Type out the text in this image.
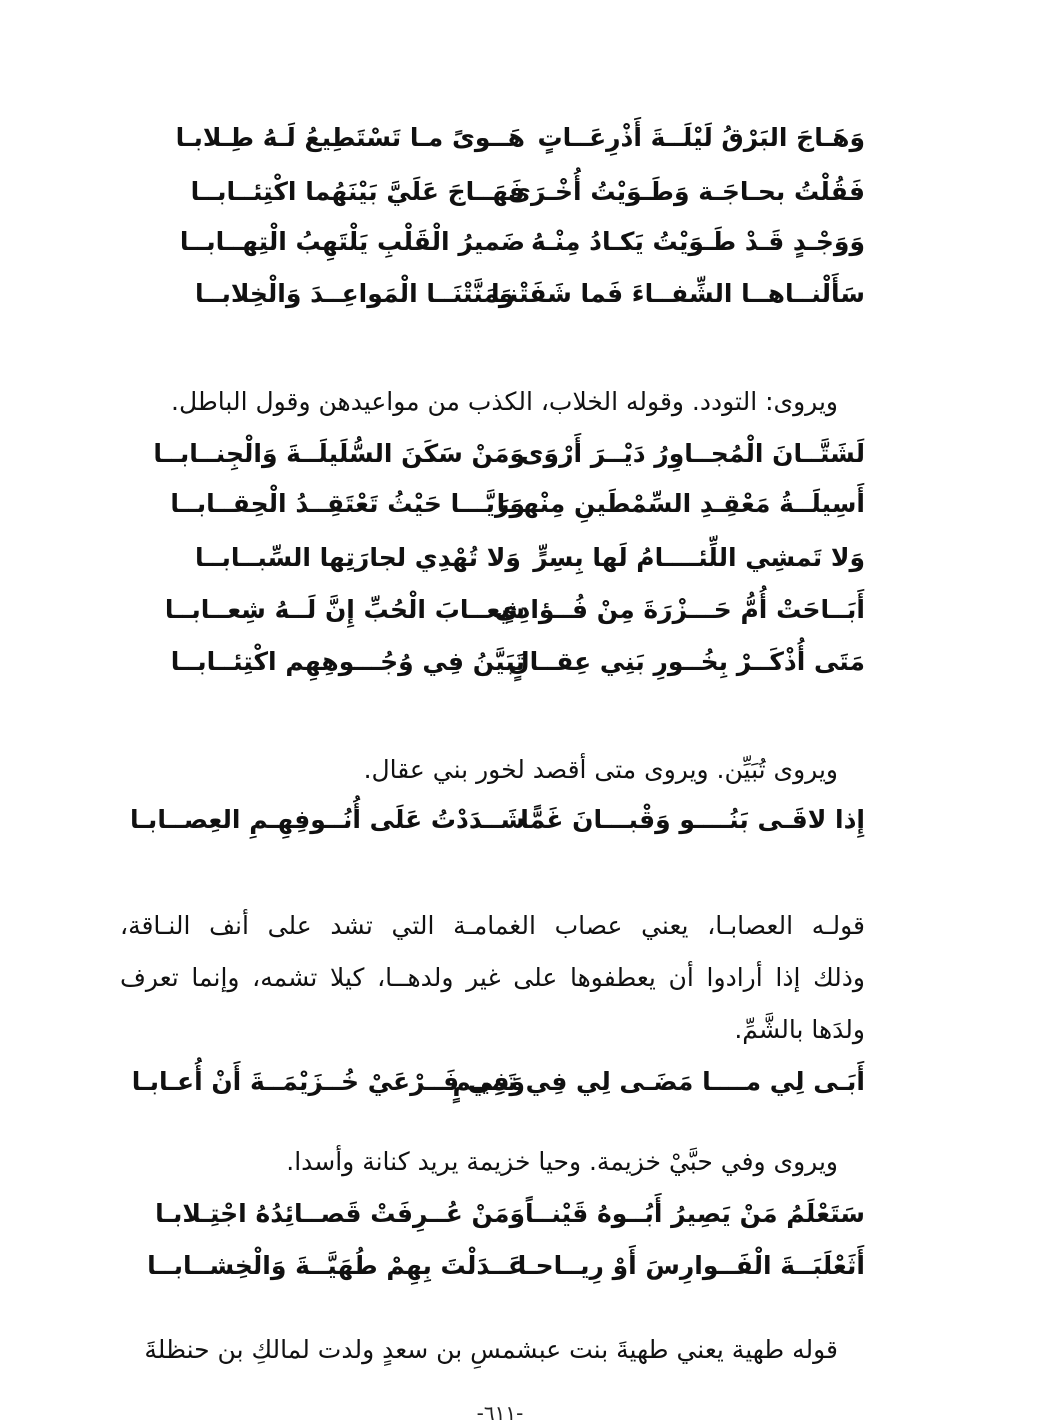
وَهَـاجَ البَرْقُ لَيْلَــةَ أَذْرِعَــاتٍ
هَــوىً مـا تَسْتَطِيعُ لَـهُ طِـلابـا
فَقُلْتُ بحـاجَـة وَطَـوَيْتُ أُخْـرَى
فَهَــاجَ عَلَيَّ بَيْنَهُما اكْتِئــابــا
وَوَجْـدٍ قَـدْ طَـوَيْتُ يَكـادُ مِنْـهُ
ضَميرُ الْقَلْبِ يَلْتَهِبُ الْتِهــابــا
سَأَلْنــاهــا الشِّفــاءَ فَما شَفَتْنـا
وَمَنَّتْنَــا الْمَواعِــدَ وَالْخِلابــا
ويروى: التودد. وقوله الخلاب، الكذب من مواعيدهن وقول الباطل.
لَشَتَّــانَ الْمُجــاوِرُ دَيْــرَ أَرْوَى
وَمَنْ سَكَنَ السُّلَيلَــةَ وَالْجِنــابــا
أَسِيلَــةُ مَعْقِـدِ السِّمْطَينِ مِنْهــا
وَرَيَّـــا حَيْثُ تَعْتَقِــدُ الْحِقــابــا
وَلا تَمشِي اللِّئــــامُ لَها بِسِرٍّ
وَلا تُهْدِي لجارَتِها السِّبــابــا
أَبَــاحَتْ أُمُّ حَـــزْرَةَ مِنْ فُــؤادِي
شِعــابَ الْحُبِّ إِنَّ لَــهُ شِعــابــا
مَتَى أُذْكَــرْ بِخُــورِ بَنِي عِقــالٍ
تَبَيَّنُ فِي وُجُـــوهِهِم اكْتِئــابــا
ويروى تُبَيِّن. ويروى متى أقصد لخور بني عقال.
إِذا لاقَـى بَنُــــو وَقْبـــانَ غَمًّا
شَــدَدْتُ عَلَى أُنُــوفِهِـمِ العِصــابـا
قولـه العصابـا، يعني عصاب الغمامـة التي تشد على أنف النـاقة،
وذلك إذا أرادوا أن يعطفوها على غير ولدهــا، كيلا تشمه، وإنما تعرف
ولدَها بالشَّمِّ.
أَبَـى لِي مــــا مَضَـى لِي فِي تَمِيـمٍ
وَفِي فَــرْعَيْ خُــزَيْمَــةَ أَنْ أُعـابـا
ويروى وفي حبَّيْ خزيمة. وحيا خزيمة يريد كنانة وأسدا.
سَتَعْلَمُ مَنْ يَصِيرُ أَبُــوهُ قَيْنــاً
وَمَنْ عُــرِفَتْ قَصــائِدُهُ اجْتِـلابـا
أَثَعْلَبَــةَ الْفَــوارِسَ أَوْ رِيــاحـا
عَــدَلْتَ بِهِمْ طُهَيَّــةَ وَالْخِشــابــا
قوله طهية يعني طهيةَ بنت عبشمسِ بن سعدٍ ولدت لمالكِ بن حنظلةَ
-٦١١-
